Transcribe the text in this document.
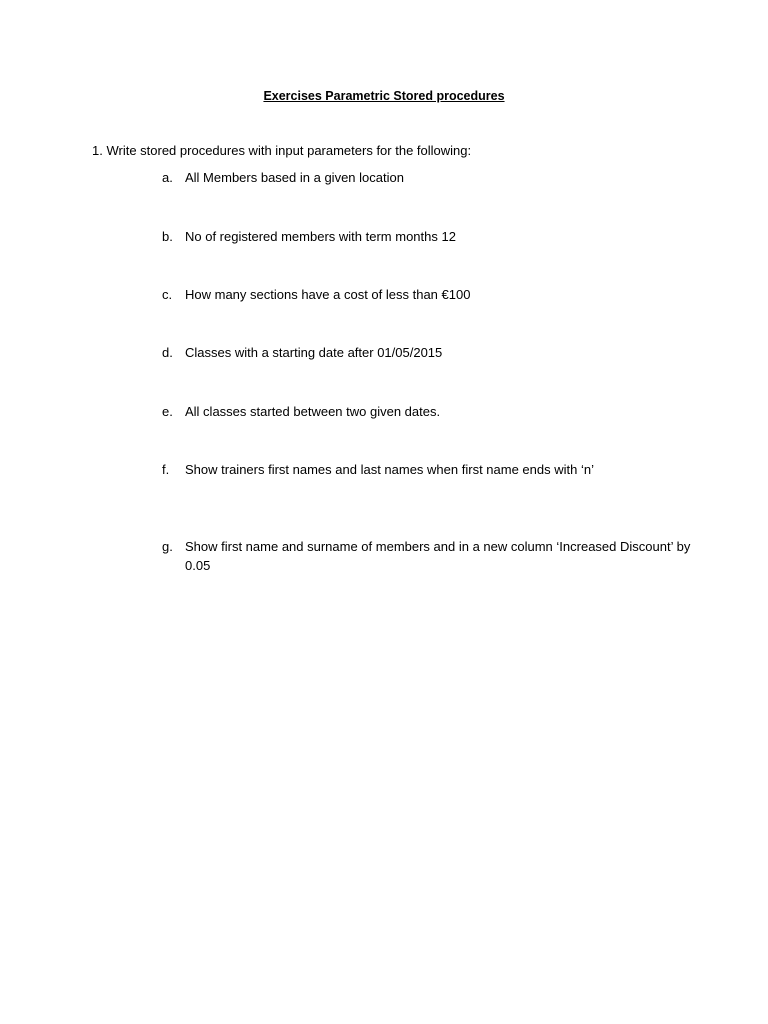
Exercises Parametric Stored procedures
1. Write stored procedures with input parameters for the following:
a. All Members based in a given location
b. No of registered members with term months 12
c. How many sections have a cost of less than €100
d. Classes with a starting date after 01/05/2015
e. All classes started between two given dates.
f.	Show trainers first names and last names when first name ends with ‘n’
g. Show first name and surname of members and in a new column ‘Increased Discount’ by 0.05
